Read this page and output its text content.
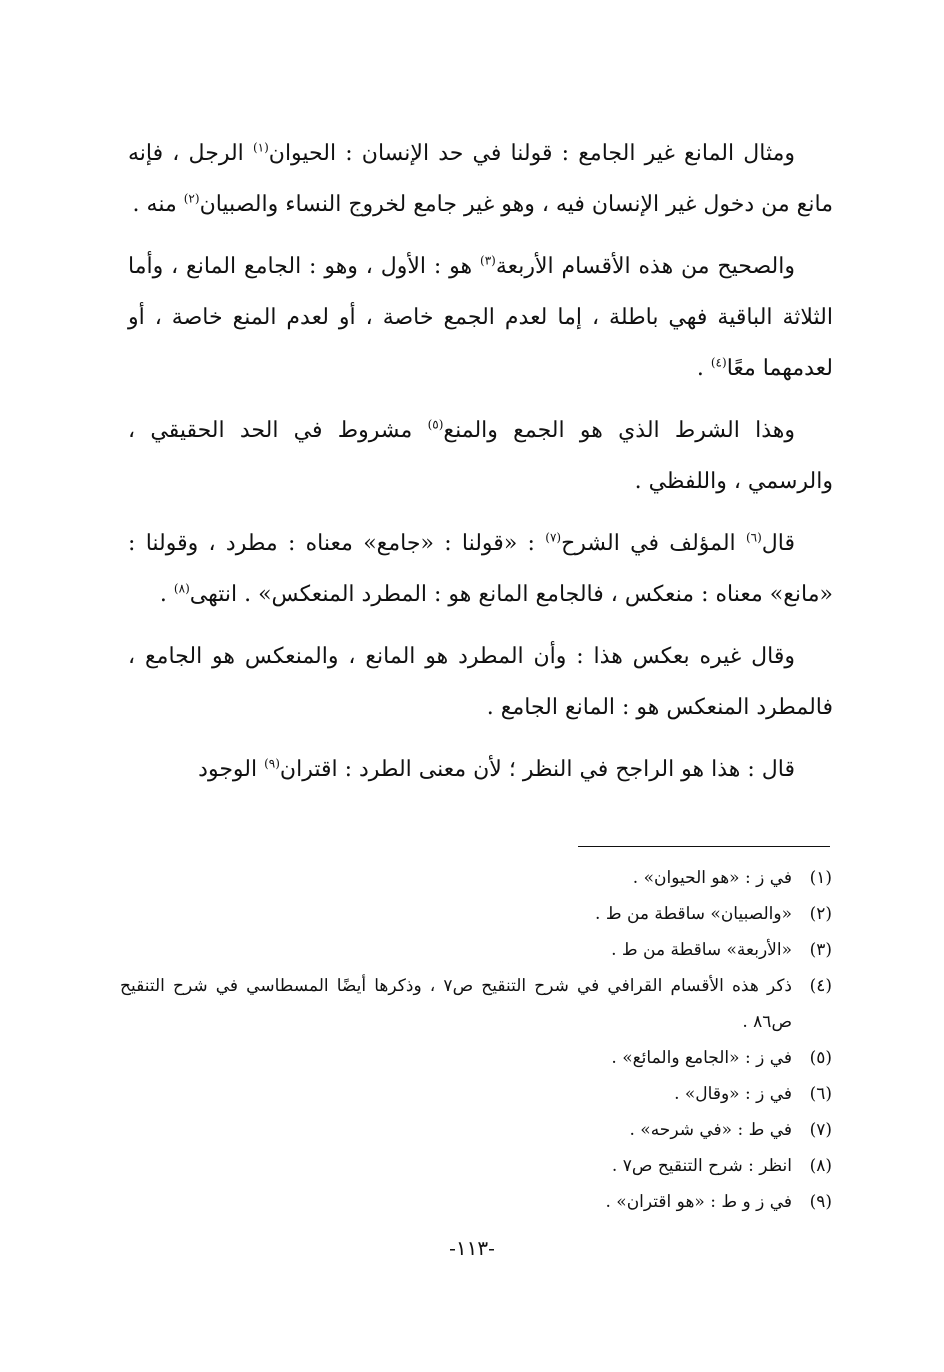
ومثال المانع غير الجامع : قولنا في حد الإنسان : الحيوان$^{(١)}$ الرجل ، فإنه مانع من دخول غير الإنسان فيه ، وهو غير جامع لخروج النساء والصبيان$^{(٢)}$ منه .

والصحيح من هذه الأقسام الأربعة$^{(٣)}$ هو : الأول ، وهو : الجامع المانع ، وأما الثلاثة الباقية فهي باطلة ، إما لعدم الجمع خاصة ، أو لعدم المنع خاصة ، أو لعدمهما معًا$^{(٤)}$ .

وهذا الشرط الذي هو الجمع والمنع$^{(٥)}$ مشروط في الحد الحقيقي ، والرسمي ، واللفظي .

قال$^{(٦)}$ المؤلف في الشرح$^{(٧)}$ : «قولنا : «جامع» معناه : مطرد ، وقولنا : «مانع» معناه : منعكس ، فالجامع المانع هو : المطرد المنعكس» . انتهى$^{(٨)}$ .

وقال غيره بعكس هذا : وأن المطرد هو المانع ، والمنعكس هو الجامع ، فالمطرد المنعكس هو : المانع الجامع .

قال : هذا هو الراجح في النظر ؛ لأن معنى الطرد : اقتران$^{(٩)}$ الوجود

(١)
في ز : «هو الحيوان» .
(٢)
«والصبيان» ساقطة من ط .
(٣)
«الأربعة» ساقطة من ط .
(٤)
ذكر هذه الأقسام القرافي في شرح التنقيح ص٧ ، وذكرها أيضًا المسطاسي في شرح التنقيح ص٨٦ .
(٥)
في ز : «الجامع والمائع» .
(٦)
في ز : «وقال» .
(٧)
في ط : «في شرحه» .
(٨)
انظر : شرح التنقيح ص٧ .
(٩)
في ز و ط : «هو اقتران» .
-١١٣-
